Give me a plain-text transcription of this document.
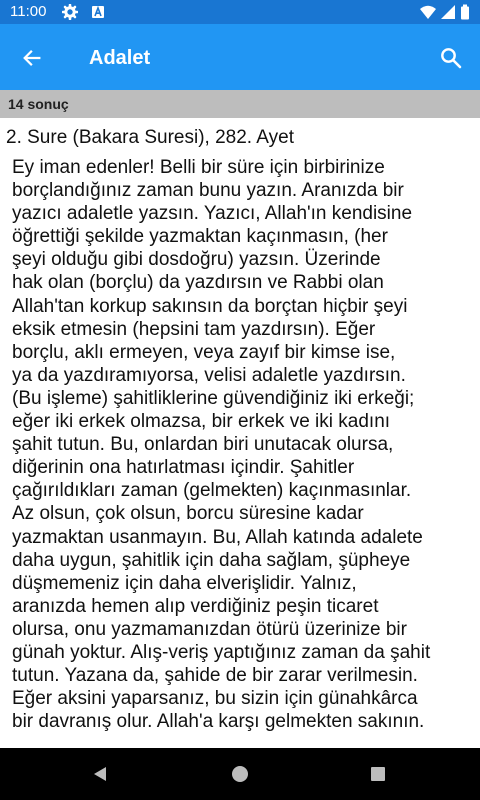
11:00
Adalet
14 sonuç
2. Sure (Bakara Suresi), 282. Ayet

Ey iman edenler! Belli bir süre için birbirinize
borçlandığınız zaman bunu yazın. Aranızda bir
yazıcı adaletle yazsın. Yazıcı, Allah'ın kendisine
öğrettiği şekilde yazmaktan kaçınmasın, (her
şeyi olduğu gibi dosdoğru) yazsın. Üzerinde
hak olan (borçlu) da yazdırsın ve Rabbi olan
Allah'tan korkup sakınsın da borçtan hiçbir şeyi
eksik etmesin (hepsini tam yazdırsın). Eğer
borçlu, aklı ermeyen, veya zayıf bir kimse ise,
ya da yazdıramıyorsa, velisi adaletle yazdırsın.
(Bu işleme) şahitliklerine güvendiğiniz iki erkeği;
eğer iki erkek olmazsa, bir erkek ve iki kadını
şahit tutun. Bu, onlardan biri unutacak olursa,
diğerinin ona hatırlatması içindir. Şahitler
çağırıldıkları zaman (gelmekten) kaçınmasınlar.
Az olsun, çok olsun, borcu süresine kadar
yazmaktan usanmayın. Bu, Allah katında adalete
daha uygun, şahitlik için daha sağlam, şüpheye
düşmemeniz için daha elverişlidir. Yalnız,
aranızda hemen alıp verdiğiniz peşin ticaret
olursa, onu yazmamanızdan ötürü üzerinize bir
günah yoktur. Alış-veriş yaptığınız zaman da şahit
tutun. Yazana da, şahide de bir zarar verilmesin.
Eğer aksini yaparsanız, bu sizin için günahkârca
bir davranış olur. Allah'a karşı gelmekten sakının.
